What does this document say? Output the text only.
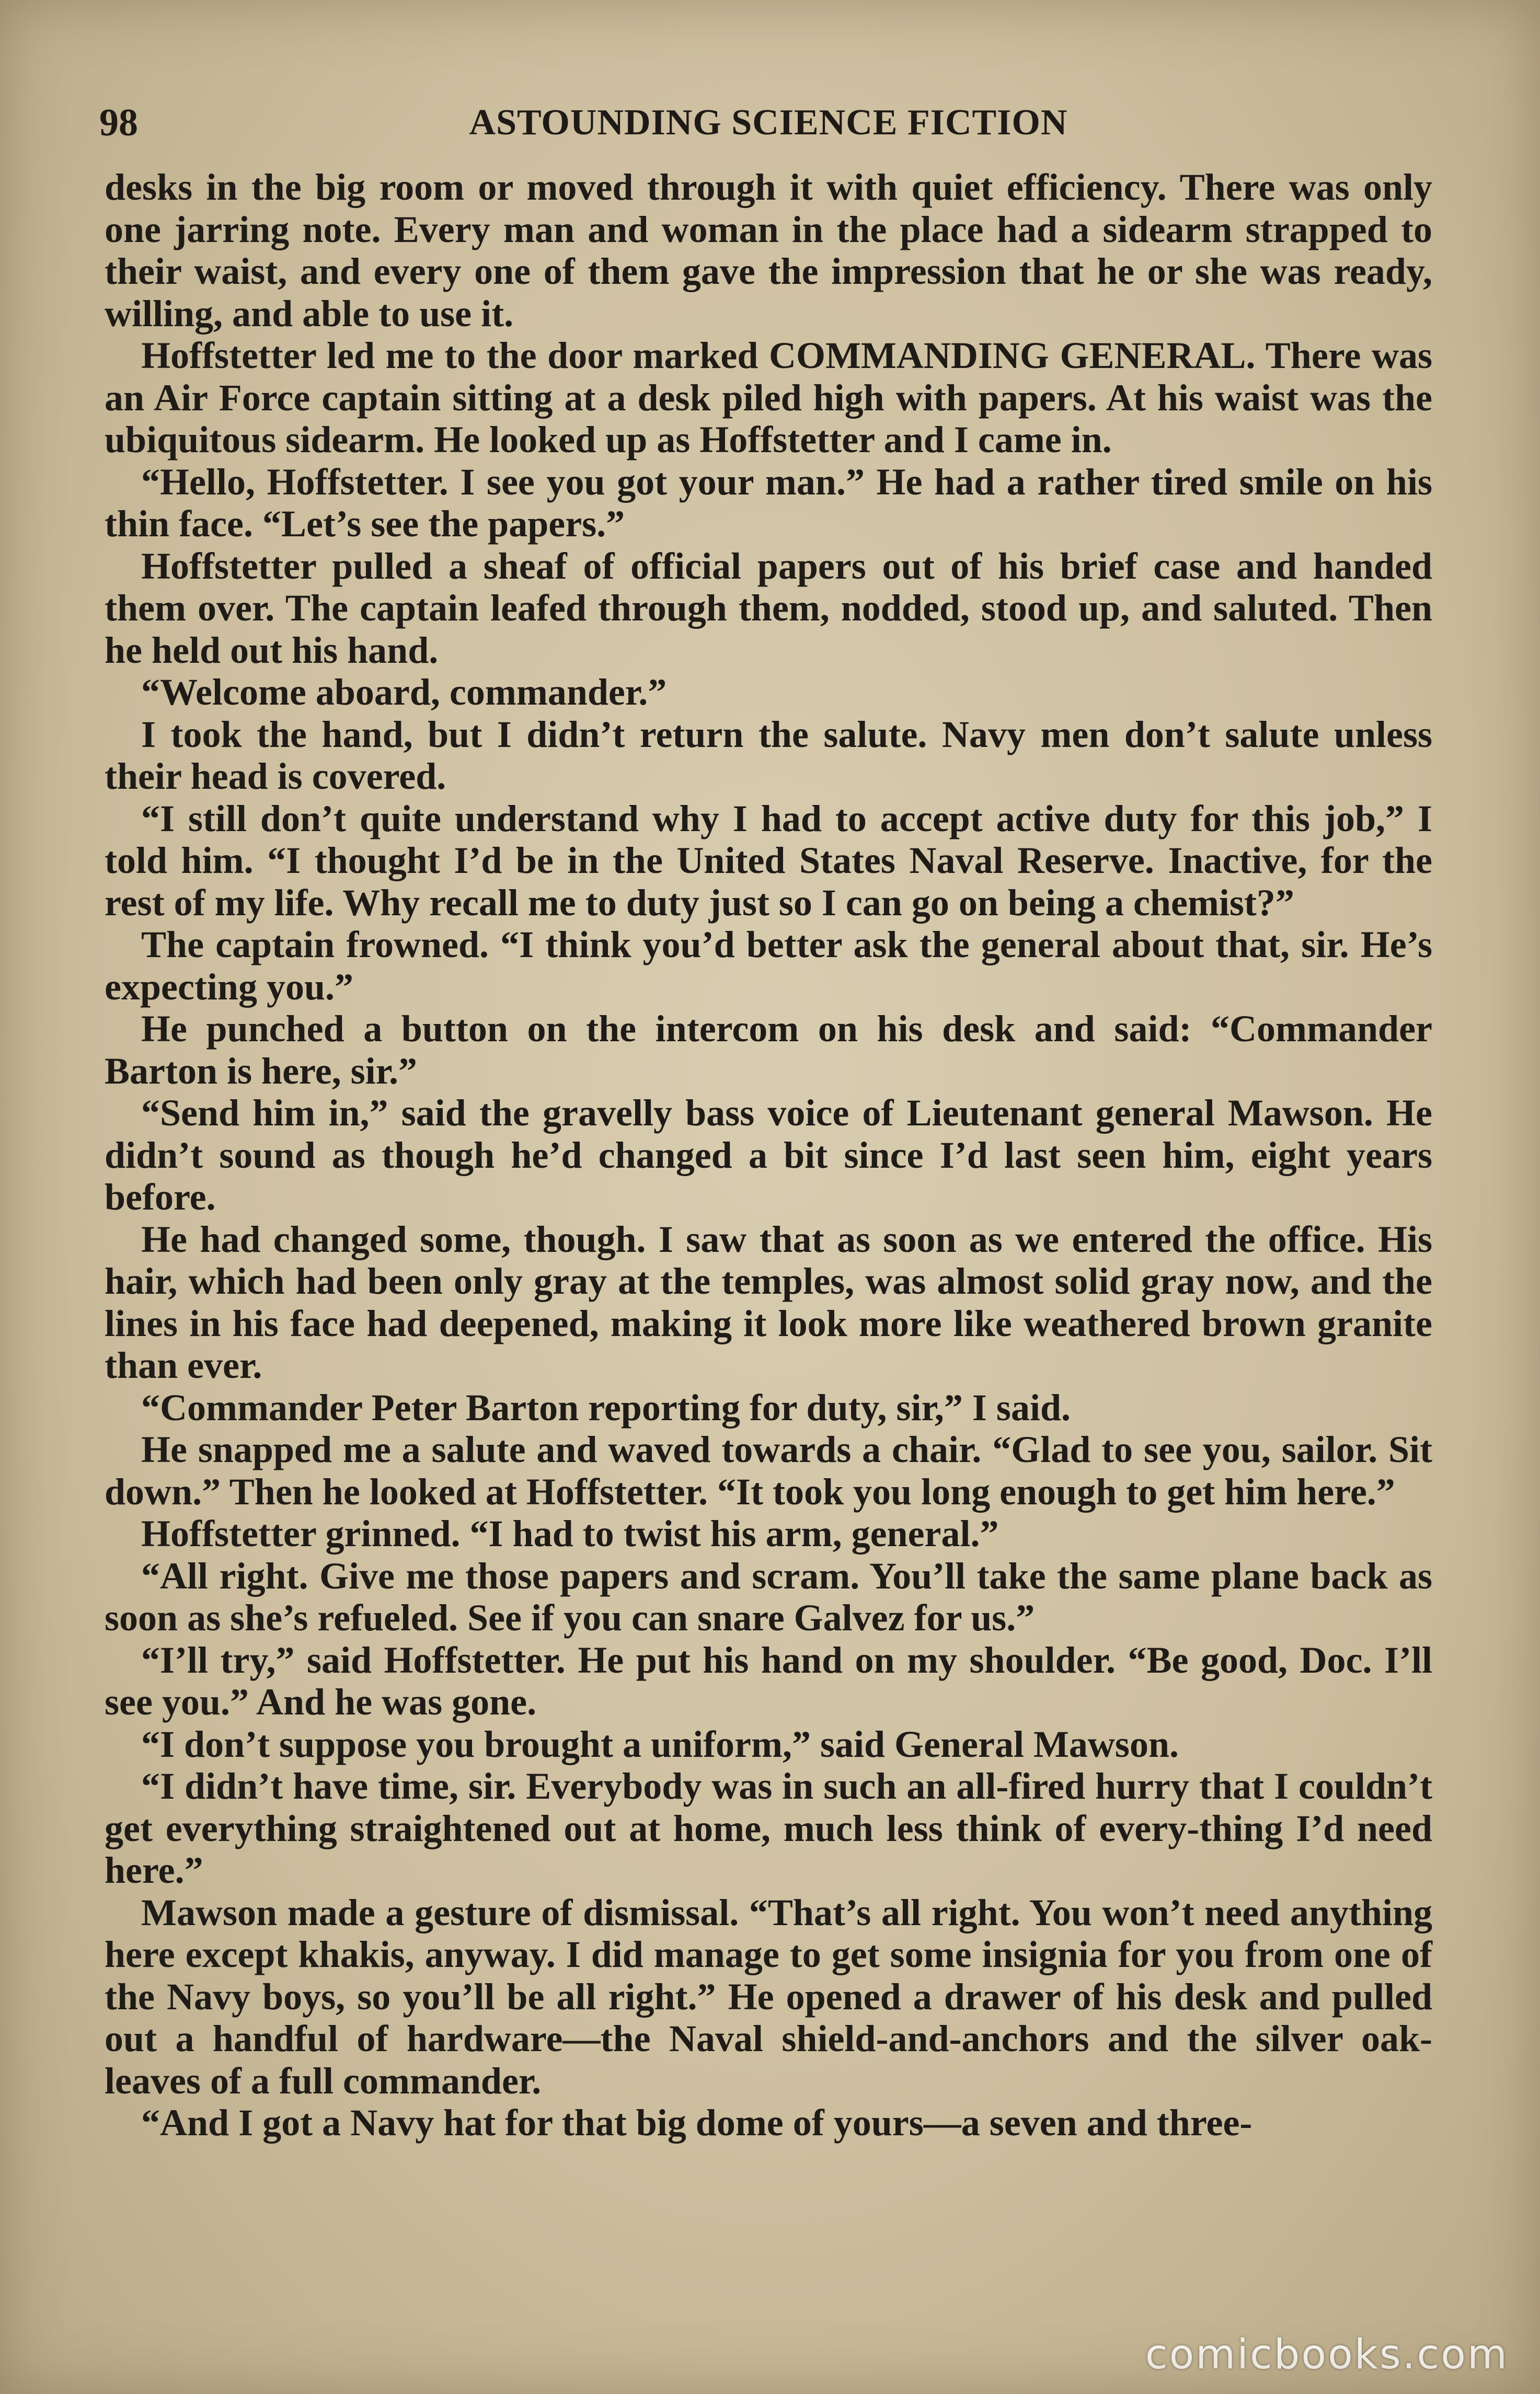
98	ASTOUNDING SCIENCE FICTION

desks in the big room or moved through it with quiet efficiency. There was only one jarring note. Every man and woman in the place had a sidearm strapped to their waist, and every one of them gave the impression that he or she was ready, willing, and able to use it.

Hoffstetter led me to the door marked COMMANDING GENERAL. There was an Air Force captain sitting at a desk piled high with papers. At his waist was the ubiquitous sidearm. He looked up as Hoffstetter and I came in.

“Hello, Hoffstetter. I see you got your man.” He had a rather tired smile on his thin face. “Let’s see the papers.”

Hoffstetter pulled a sheaf of official papers out of his brief case and handed them over. The captain leafed through them, nodded, stood up, and saluted. Then he held out his hand.

“Welcome aboard, commander.”

I took the hand, but I didn’t return the salute. Navy men don’t salute unless their head is covered.

“I still don’t quite understand why I had to accept active duty for this job,” I told him. “I thought I’d be in the United States Naval Reserve. Inactive, for the rest of my life. Why recall me to duty just so I can go on being a chemist?”

The captain frowned. “I think you’d better ask the general about that, sir. He’s expecting you.”

He punched a button on the intercom on his desk and said: “Commander Barton is here, sir.”

“Send him in,” said the gravelly bass voice of Lieutenant general Mawson. He didn’t sound as though he’d changed a bit since I’d last seen him, eight years before.

He had changed some, though. I saw that as soon as we entered the office. His hair, which had been only gray at the temples, was almost solid gray now, and the lines in his face had deepened, making it look more like weathered brown granite than ever.

“Commander Peter Barton reporting for duty, sir,” I said.

He snapped me a salute and waved towards a chair. “Glad to see you, sailor. Sit down.” Then he looked at Hoffstetter. “It took you long enough to get him here.”

Hoffstetter grinned. “I had to twist his arm, general.”

“All right. Give me those papers and scram. You’ll take the same plane back as soon as she’s refueled. See if you can snare Galvez for us.”

“I’ll try,” said Hoffstetter. He put his hand on my shoulder. “Be good, Doc. I’ll see you.” And he was gone.

“I don’t suppose you brought a uniform,” said General Mawson.

“I didn’t have time, sir. Everybody was in such an all-fired hurry that I couldn’t get everything straightened out at home, much less think of every-thing I’d need here.”

Mawson made a gesture of dismissal. “That’s all right. You won’t need anything here except khakis, anyway. I did manage to get some insignia for you from one of the Navy boys, so you’ll be all right.” He opened a drawer of his desk and pulled out a handful of hardware—the Naval shield-and-anchors and the silver oak-leaves of a full commander.

“And I got a Navy hat for that big dome of yours—a seven and three-

comicbooks.com
